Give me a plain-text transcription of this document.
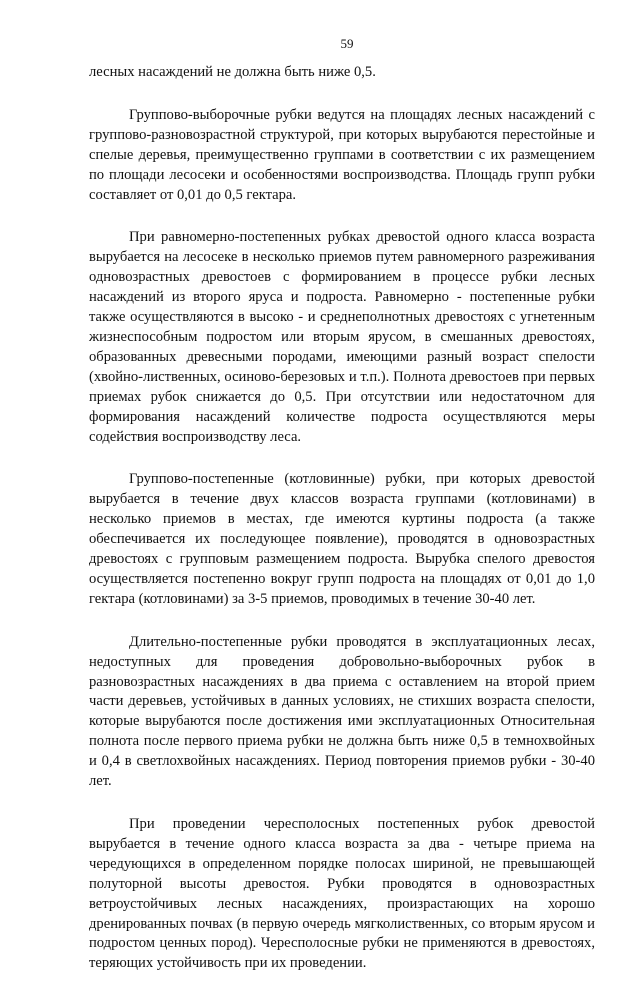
59

лесных насаждений не должна быть ниже 0,5.

Группово-выборочные рубки ведутся на площадях лесных насаждений с группово-разновозрастной структурой, при которых вырубаются перестойные и спелые деревья, преимущественно группами в соответствии с их размещением по площади лесосеки и особенностями воспроизводства. Площадь групп рубки составляет от 0,01 до 0,5 гектара.

При равномерно-постепенных рубках древостой одного класса возраста вырубается на лесосеке в несколько приемов путем равномерного разреживания одновозрастных древостоев с формированием в процессе рубки лесных насаждений из второго яруса и подроста. Равномерно - постепенные рубки также осуществляются в высоко - и среднеполнотных древостоях с угнетенным жизнеспособным подростом или вторым ярусом, в смешанных древостоях, образованных древесными породами, имеющими разный возраст спелости (хвойно-лиственных, осиново-березовых и т.п.). Полнота древостоев при первых приемах рубок снижается до 0,5. При отсутствии или недостаточном для формирования насаждений количестве подроста осуществляются меры содействия воспроизводству леса.

Группово-постепенные (котловинные) рубки, при которых древостой вырубается в течение двух классов возраста группами (котловинами) в несколько приемов в местах, где имеются куртины подроста (а также обеспечивается их последующее появление), проводятся в одновозрастных древостоях с групповым размещением подроста. Вырубка спелого древостоя осуществляется постепенно вокруг групп подроста на площадях от 0,01 до 1,0 гектара (котловинами) за 3-5 приемов, проводимых в течение 30-40 лет.

Длительно-постепенные рубки проводятся в эксплуатационных лесах, недоступных для проведения добровольно-выборочных рубок в разновозрастных насаждениях в два приема с оставлением на второй прием части деревьев, устойчивых в данных условиях, не стихших возраста спелости, которые вырубаются после достижения ими эксплуатационных Относительная полнота после первого приема рубки не должна быть ниже 0,5 в темнохвойных и 0,4 в светлохвойных насаждениях. Период повторения приемов рубки - 30-40 лет.

При проведении чересполосных постепенных рубок древостой вырубается в течение одного класса возраста за два - четыре приема на чередующихся в определенном порядке полосах шириной, не превышающей полуторной высоты древостоя. Рубки проводятся в одновозрастных ветроустойчивых лесных насаждениях, произрастающих на хорошо дренированных почвах (в первую очередь мягколиственных, со вторым ярусом и подростом ценных пород). Чересполосные рубки не применяются в древостоях, теряющих устойчивость при их проведении.
